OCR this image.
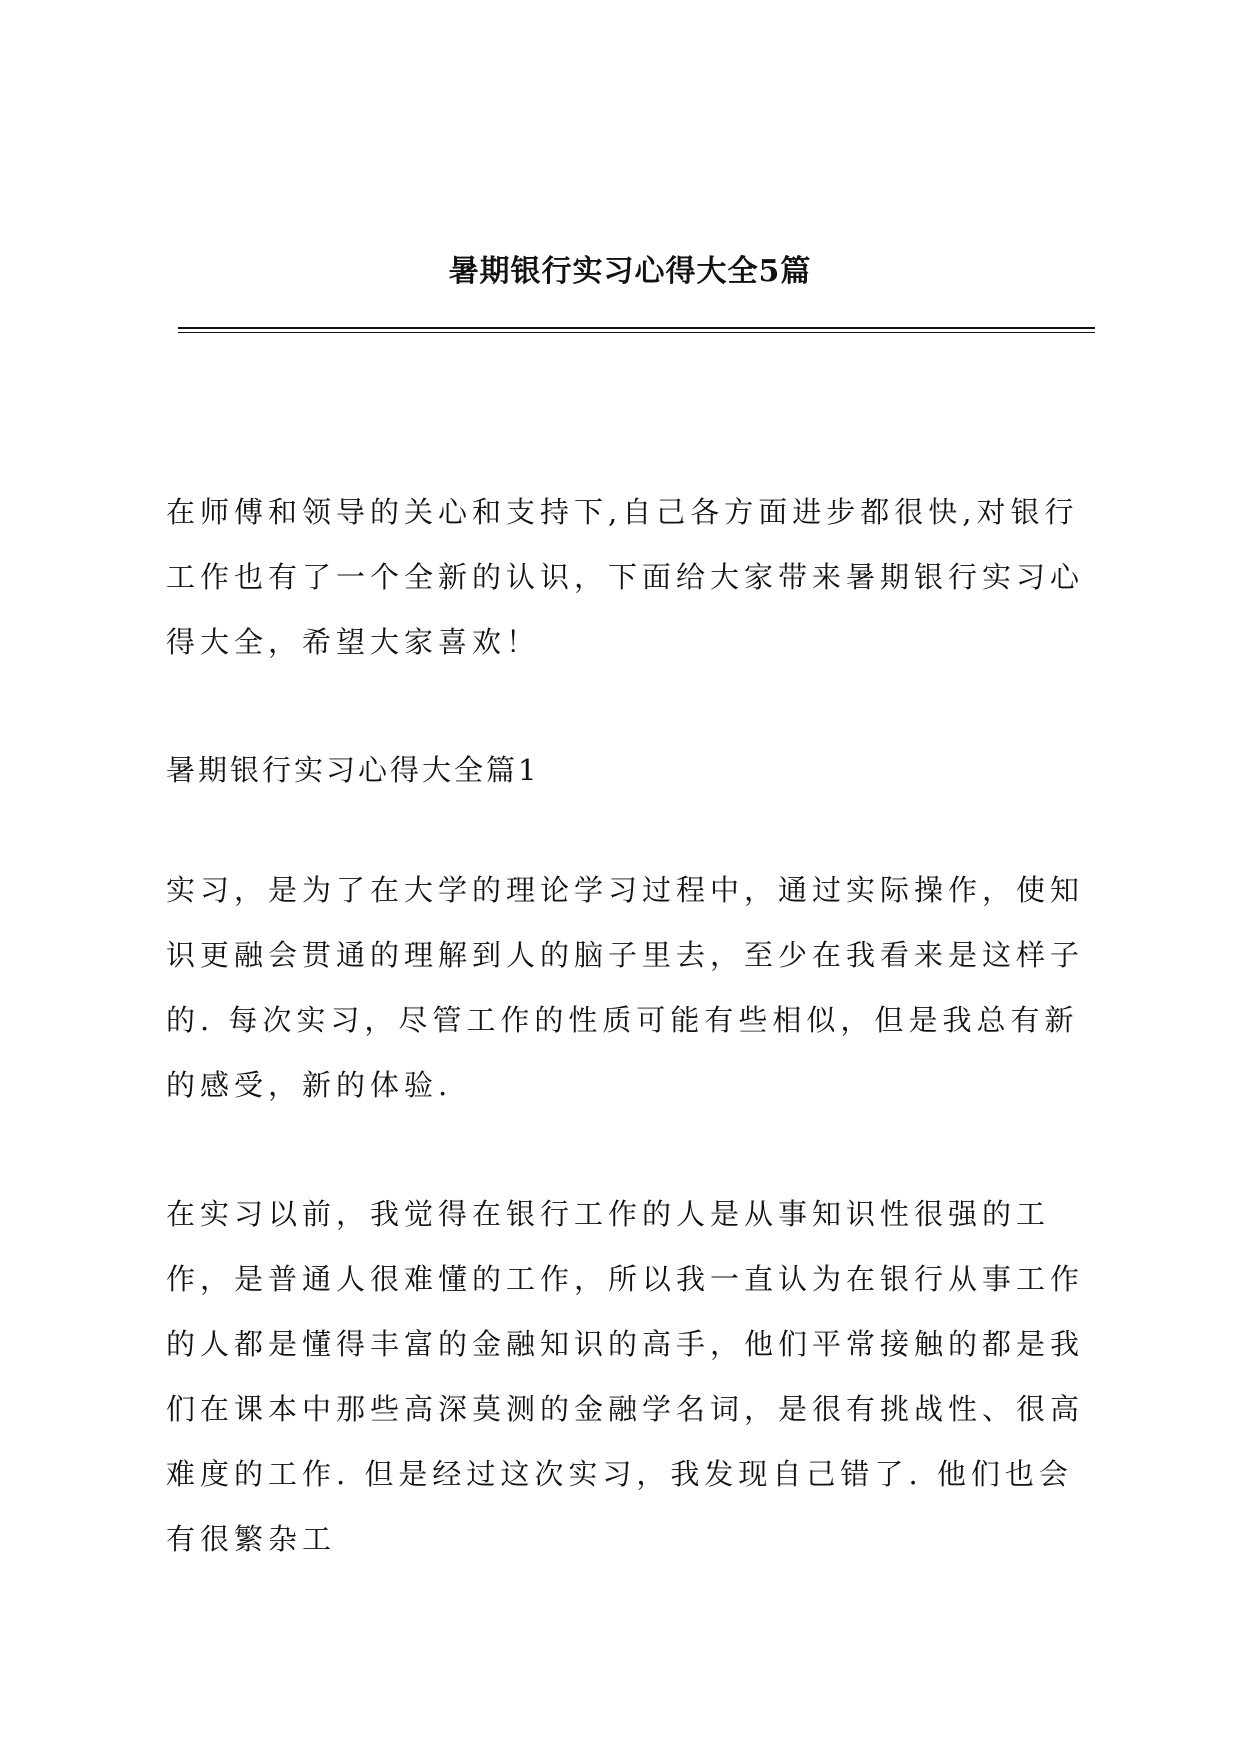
暑期银行实习心得大全5篇

在师傅和领导的关心和支持下,自己各方面进步都很快,对银行工作也有了一个全新的认识，下面给大家带来暑期银行实习心得大全，希望大家喜欢！

暑期银行实习心得大全篇1

实习，是为了在大学的理论学习过程中，通过实际操作，使知识更融会贯通的理解到人的脑子里去，至少在我看来是这样子的. 每次实习，尽管工作的性质可能有些相似，但是我总有新的感受，新的体验.

在实习以前，我觉得在银行工作的人是从事知识性很强的工作，是普通人很难懂的工作，所以我一直认为在银行从事工作的人都是懂得丰富的金融知识的高手，他们平常接触的都是我们在课本中那些高深莫测的金融学名词，是很有挑战性、很高难度的工作. 但是经过这次实习，我发现自己错了. 他们也会有很繁杂工
